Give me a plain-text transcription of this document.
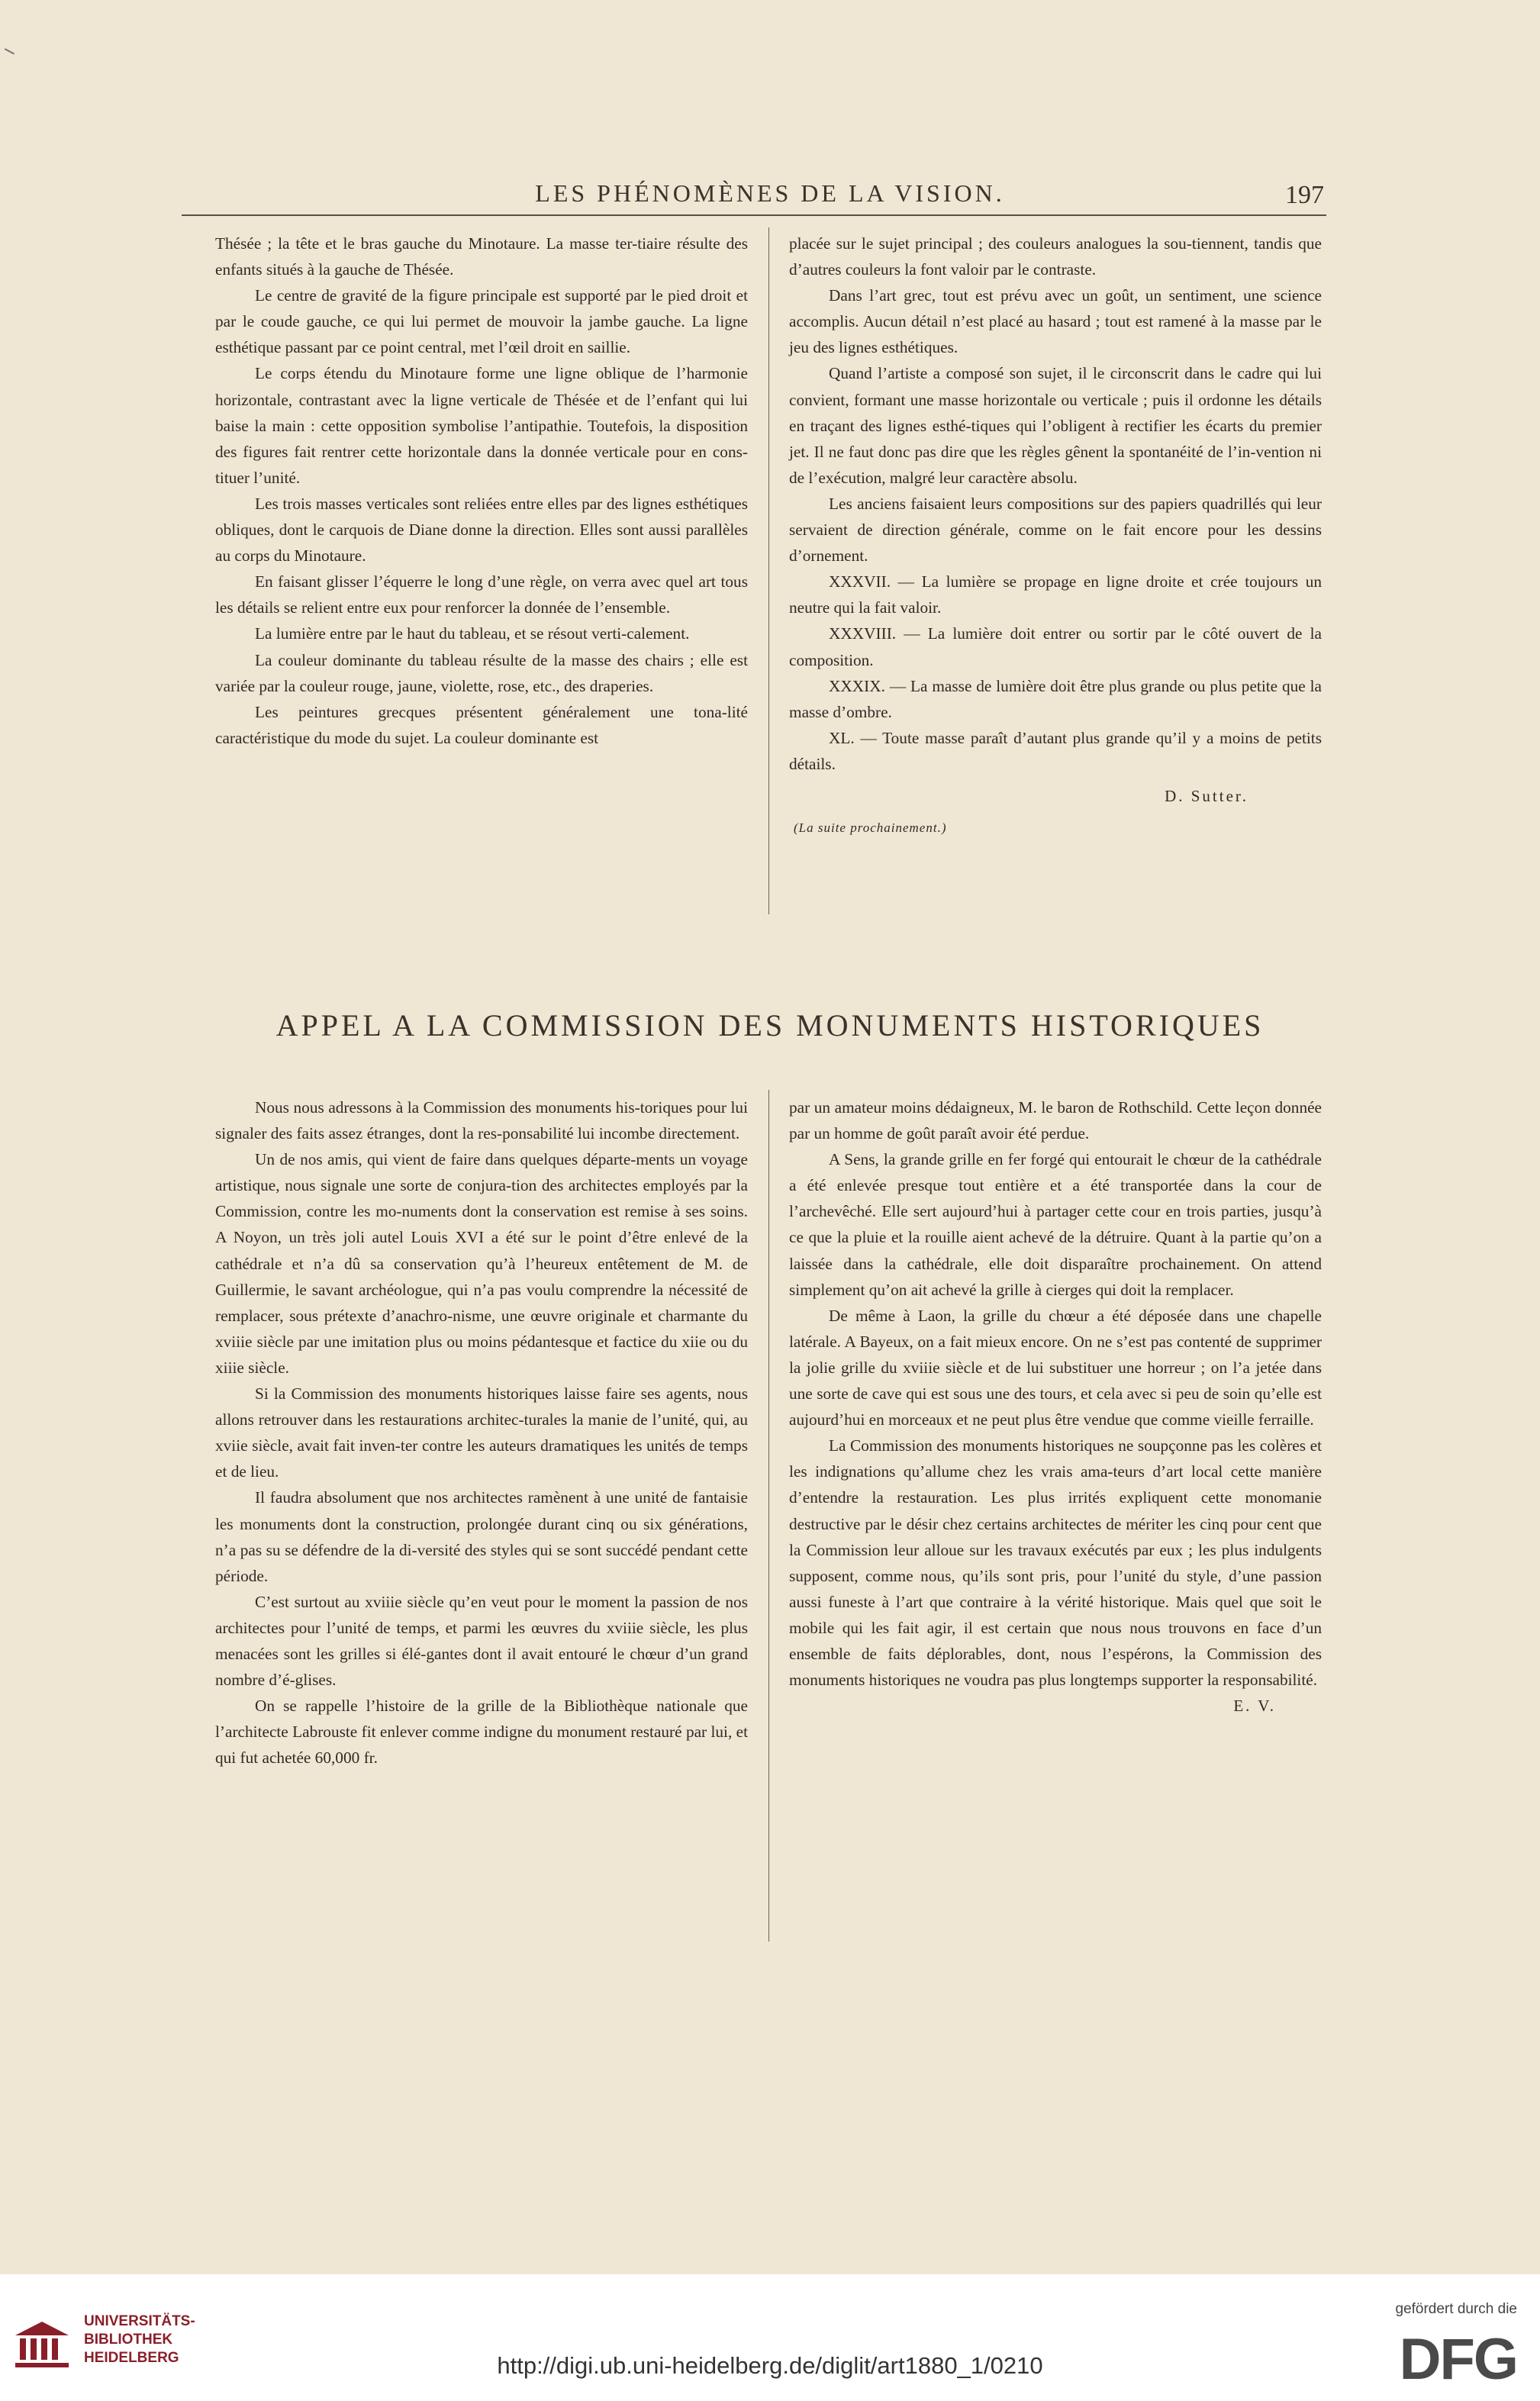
LES PHÉNOMÈNES DE LA VISION.	197

Thésée ; la tête et le bras gauche du Minotaure. La masse ter-tiaire résulte des enfants situés à la gauche de Thésée.

Le centre de gravité de la figure principale est supporté par le pied droit et par le coude gauche, ce qui lui permet de mouvoir la jambe gauche. La ligne esthétique passant par ce point central, met l’œil droit en saillie.

Le corps étendu du Minotaure forme une ligne oblique de l’harmonie horizontale, contrastant avec la ligne verticale de Thésée et de l’enfant qui lui baise la main : cette opposition symbolise l’antipathie. Toutefois, la disposition des figures fait rentrer cette horizontale dans la donnée verticale pour en cons-tituer l’unité.

Les trois masses verticales sont reliées entre elles par des lignes esthétiques obliques, dont le carquois de Diane donne la direction. Elles sont aussi parallèles au corps du Minotaure.

En faisant glisser l’équerre le long d’une règle, on verra avec quel art tous les détails se relient entre eux pour renforcer la donnée de l’ensemble.

La lumière entre par le haut du tableau, et se résout verti-calement.

La couleur dominante du tableau résulte de la masse des chairs ; elle est variée par la couleur rouge, jaune, violette, rose, etc., des draperies.

Les peintures grecques présentent généralement une tona-lité caractéristique du mode du sujet. La couleur dominante est

placée sur le sujet principal ; des couleurs analogues la sou-tiennent, tandis que d’autres couleurs la font valoir par le contraste.

Dans l’art grec, tout est prévu avec un goût, un sentiment, une science accomplis. Aucun détail n’est placé au hasard ; tout est ramené à la masse par le jeu des lignes esthétiques.

Quand l’artiste a composé son sujet, il le circonscrit dans le cadre qui lui convient, formant une masse horizontale ou verticale ; puis il ordonne les détails en traçant des lignes esthé-tiques qui l’obligent à rectifier les écarts du premier jet. Il ne faut donc pas dire que les règles gênent la spontanéité de l’in-vention ni de l’exécution, malgré leur caractère absolu.

Les anciens faisaient leurs compositions sur des papiers quadrillés qui leur servaient de direction générale, comme on le fait encore pour les dessins d’ornement.

XXXVII. — La lumière se propage en ligne droite et crée toujours un neutre qui la fait valoir.

XXXVIII. — La lumière doit entrer ou sortir par le côté ouvert de la composition.

XXXIX. — La masse de lumière doit être plus grande ou plus petite que la masse d’ombre.

XL. — Toute masse paraît d’autant plus grande qu’il y a moins de petits détails.

D. Sutter.
(La suite prochainement.)
APPEL A LA COMMISSION DES MONUMENTS HISTORIQUES

Nous nous adressons à la Commission des monuments his-toriques pour lui signaler des faits assez étranges, dont la res-ponsabilité lui incombe directement.

Un de nos amis, qui vient de faire dans quelques départe-ments un voyage artistique, nous signale une sorte de conjura-tion des architectes employés par la Commission, contre les mo-numents dont la conservation est remise à ses soins. A Noyon, un très joli autel Louis XVI a été sur le point d’être enlevé de la cathédrale et n’a dû sa conservation qu’à l’heureux entêtement de M. de Guillermie, le savant archéologue, qui n’a pas voulu comprendre la nécessité de remplacer, sous prétexte d’anachro-nisme, une œuvre originale et charmante du xviiie siècle par une imitation plus ou moins pédantesque et factice du xiie ou du xiiie siècle.

Si la Commission des monuments historiques laisse faire ses agents, nous allons retrouver dans les restaurations architec-turales la manie de l’unité, qui, au xviie siècle, avait fait inven-ter contre les auteurs dramatiques les unités de temps et de lieu.

Il faudra absolument que nos architectes ramènent à une unité de fantaisie les monuments dont la construction, prolongée durant cinq ou six générations, n’a pas su se défendre de la di-versité des styles qui se sont succédé pendant cette période.

C’est surtout au xviiie siècle qu’en veut pour le moment la passion de nos architectes pour l’unité de temps, et parmi les œuvres du xviiie siècle, les plus menacées sont les grilles si élé-gantes dont il avait entouré le chœur d’un grand nombre d’é-glises.

On se rappelle l’histoire de la grille de la Bibliothèque nationale que l’architecte Labrouste fit enlever comme indigne du monument restauré par lui, et qui fut achetée 60,000 fr.

par un amateur moins dédaigneux, M. le baron de Rothschild. Cette leçon donnée par un homme de goût paraît avoir été perdue.

A Sens, la grande grille en fer forgé qui entourait le chœur de la cathédrale a été enlevée presque tout entière et a été transportée dans la cour de l’archevêché. Elle sert aujourd’hui à partager cette cour en trois parties, jusqu’à ce que la pluie et la rouille aient achevé de la détruire. Quant à la partie qu’on a laissée dans la cathédrale, elle doit disparaître prochainement. On attend simplement qu’on ait achevé la grille à cierges qui doit la remplacer.

De même à Laon, la grille du chœur a été déposée dans une chapelle latérale. A Bayeux, on a fait mieux encore. On ne s’est pas contenté de supprimer la jolie grille du xviiie siècle et de lui substituer une horreur ; on l’a jetée dans une sorte de cave qui est sous une des tours, et cela avec si peu de soin qu’elle est aujourd’hui en morceaux et ne peut plus être vendue que comme vieille ferraille.

La Commission des monuments historiques ne soupçonne pas les colères et les indignations qu’allume chez les vrais ama-teurs d’art local cette manière d’entendre la restauration. Les plus irrités expliquent cette monomanie destructive par le désir chez certains architectes de mériter les cinq pour cent que la Commission leur alloue sur les travaux exécutés par eux ; les plus indulgents supposent, comme nous, qu’ils sont pris, pour l’unité du style, d’une passion aussi funeste à l’art que contraire à la vérité historique. Mais quel que soit le mobile qui les fait agir, il est certain que nous nous trouvons en face d’un ensemble de faits déplorables, dont, nous l’espérons, la Commission des monuments historiques ne voudra pas plus longtemps supporter la responsabilité.

E. V.
UNIVERSITÄTS-
BIBLIOTHEK
HEIDELBERG	http://digi.ub.uni-heidelberg.de/diglit/art1880_1/0210
gefördert durch die
DFG
